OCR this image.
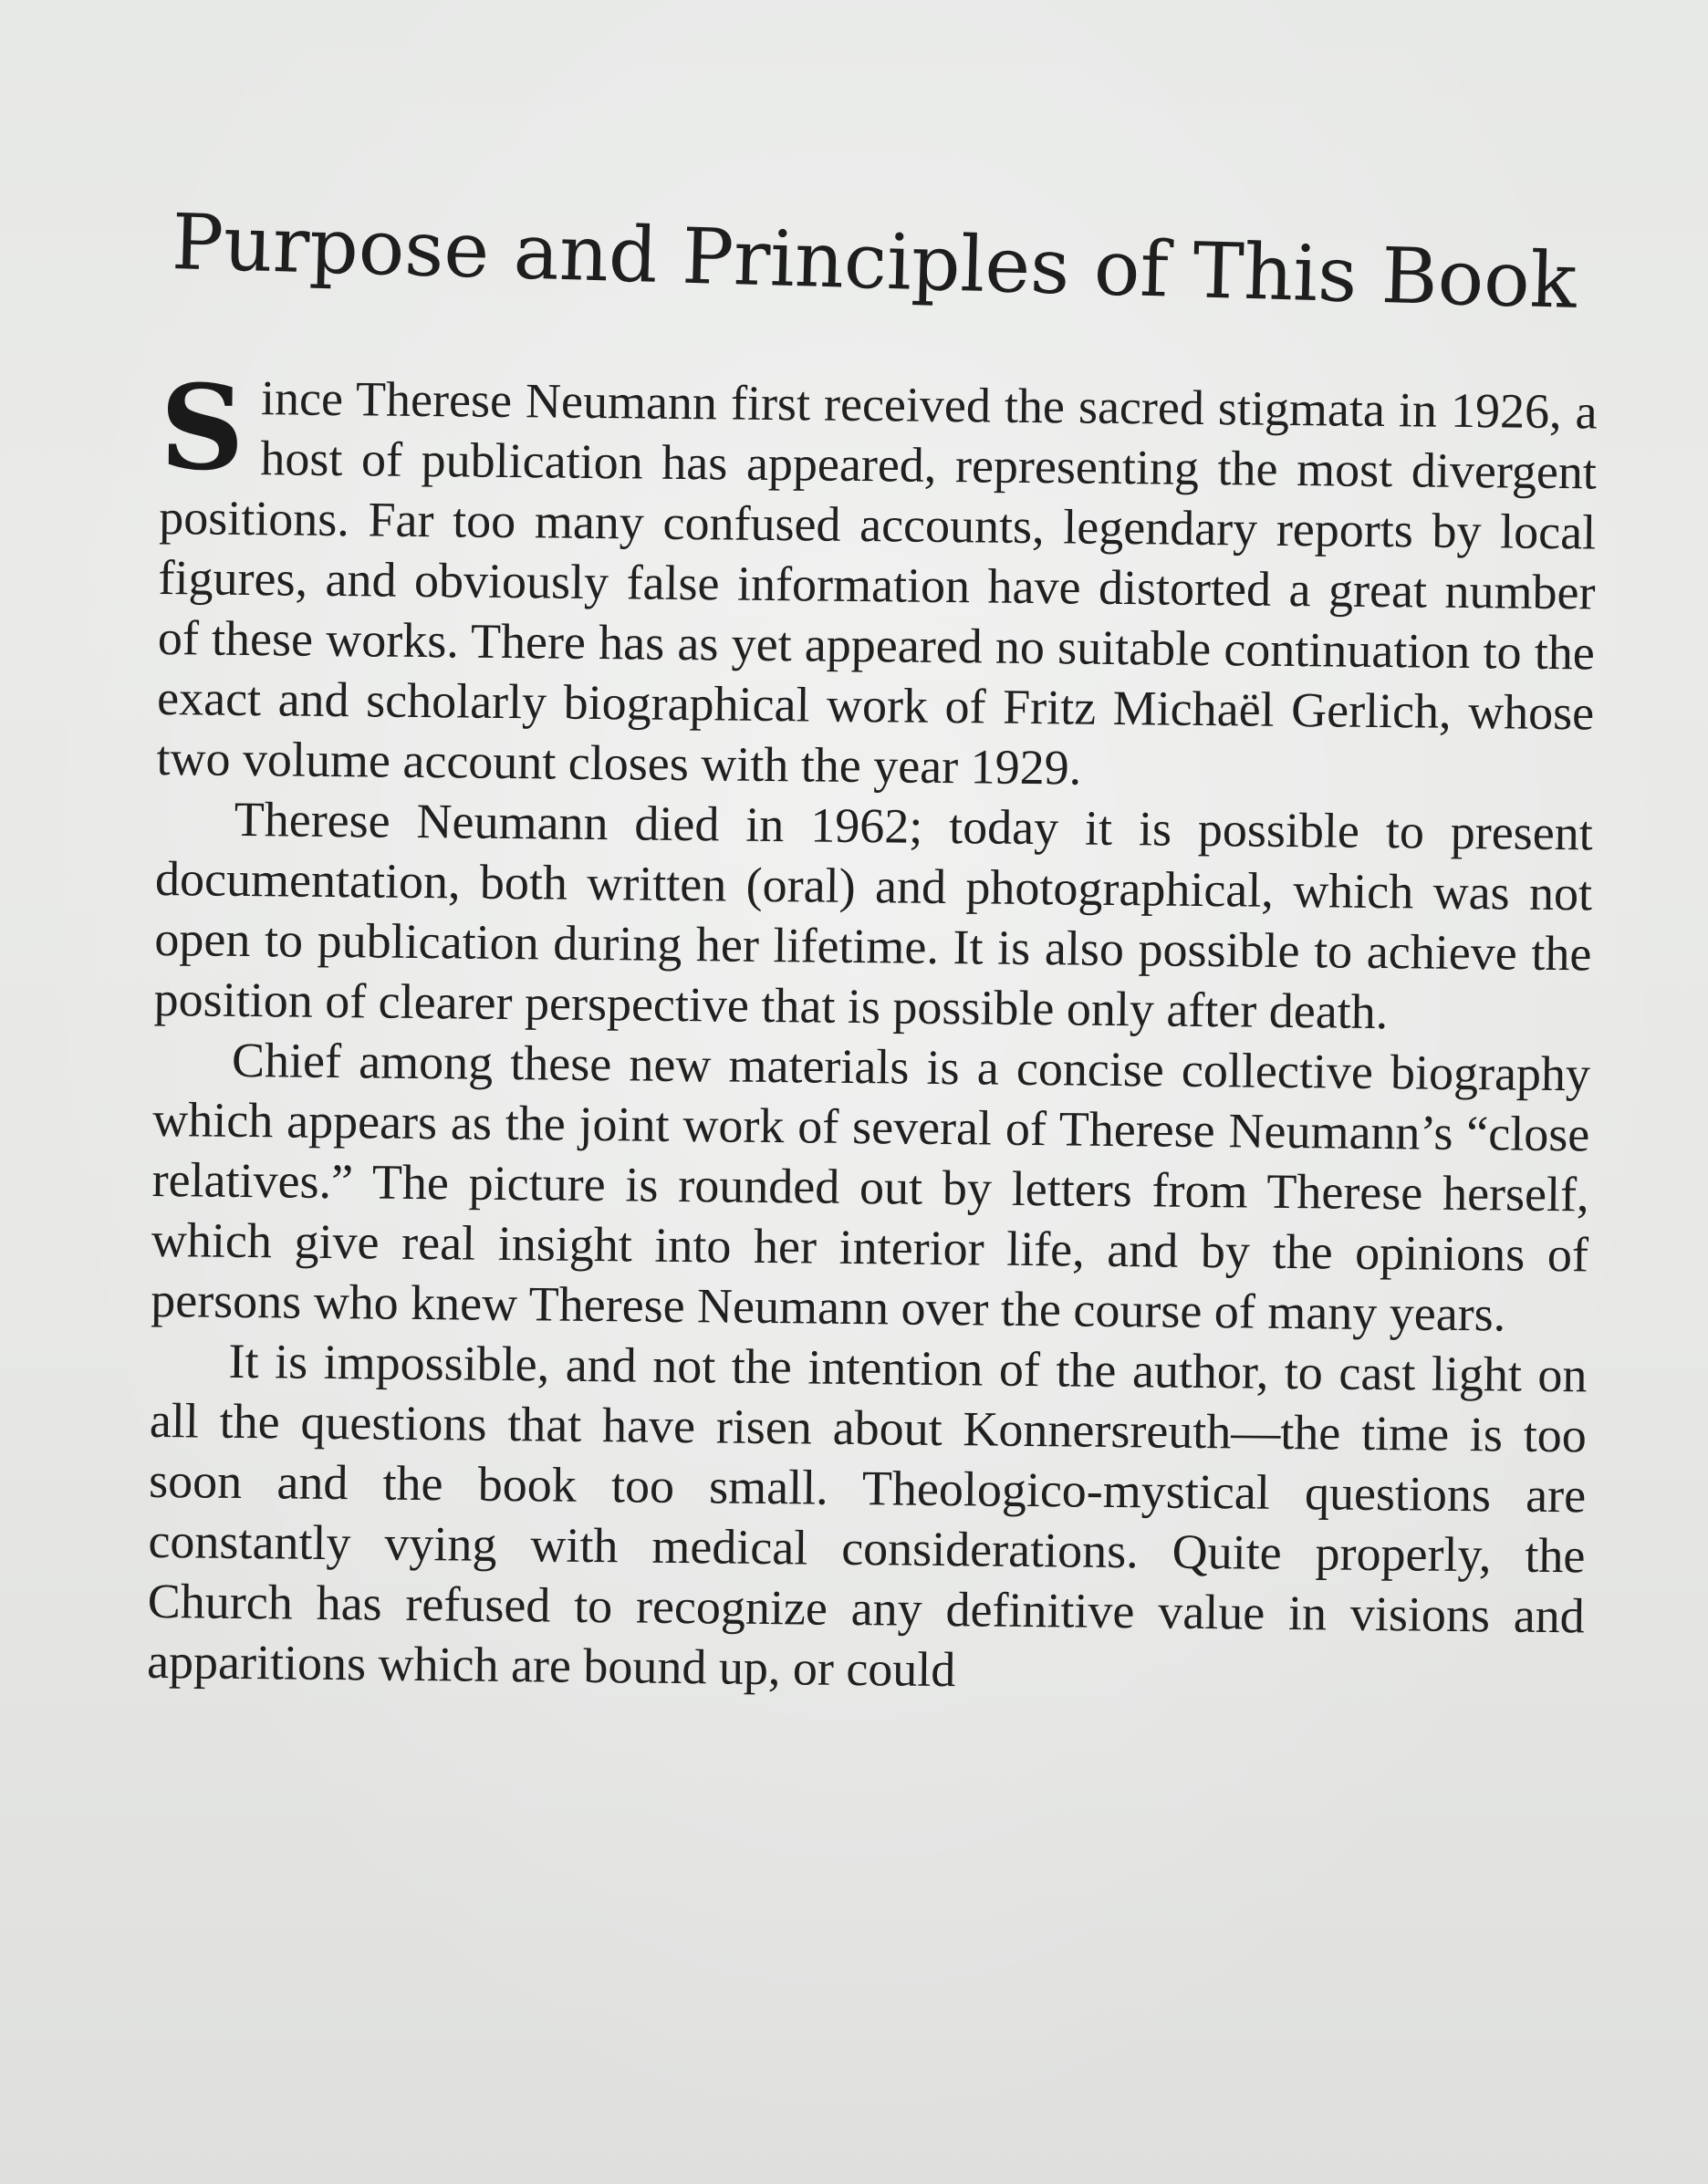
Purpose and Principles of This Book

Since Therese Neumann first received the sacred stigmata in 1926, a host of publication has appeared, representing the most divergent positions. Far too many confused accounts, legendary reports by local figures, and obviously false information have distorted a great number of these works. There has as yet appeared no suitable continuation to the exact and scholarly biographical work of Fritz Michaël Gerlich, whose two volume account closes with the year 1929.

Therese Neumann died in 1962; today it is possible to present documentation, both written (oral) and photographical, which was not open to publication during her lifetime. It is also possible to achieve the position of clearer perspective that is possible only after death.

Chief among these new materials is a concise collective biography which appears as the joint work of several of Therese Neumann’s “close relatives.” The picture is rounded out by letters from Therese herself, which give real insight into her interior life, and by the opinions of persons who knew Therese Neumann over the course of many years.

It is impossible, and not the intention of the author, to cast light on all the questions that have risen about Konnersreuth—the time is too soon and the book too small. Theologico-mystical questions are constantly vying with medical considerations. Quite properly, the Church has refused to recognize any definitive value in visions and apparitions which are bound up, or could
